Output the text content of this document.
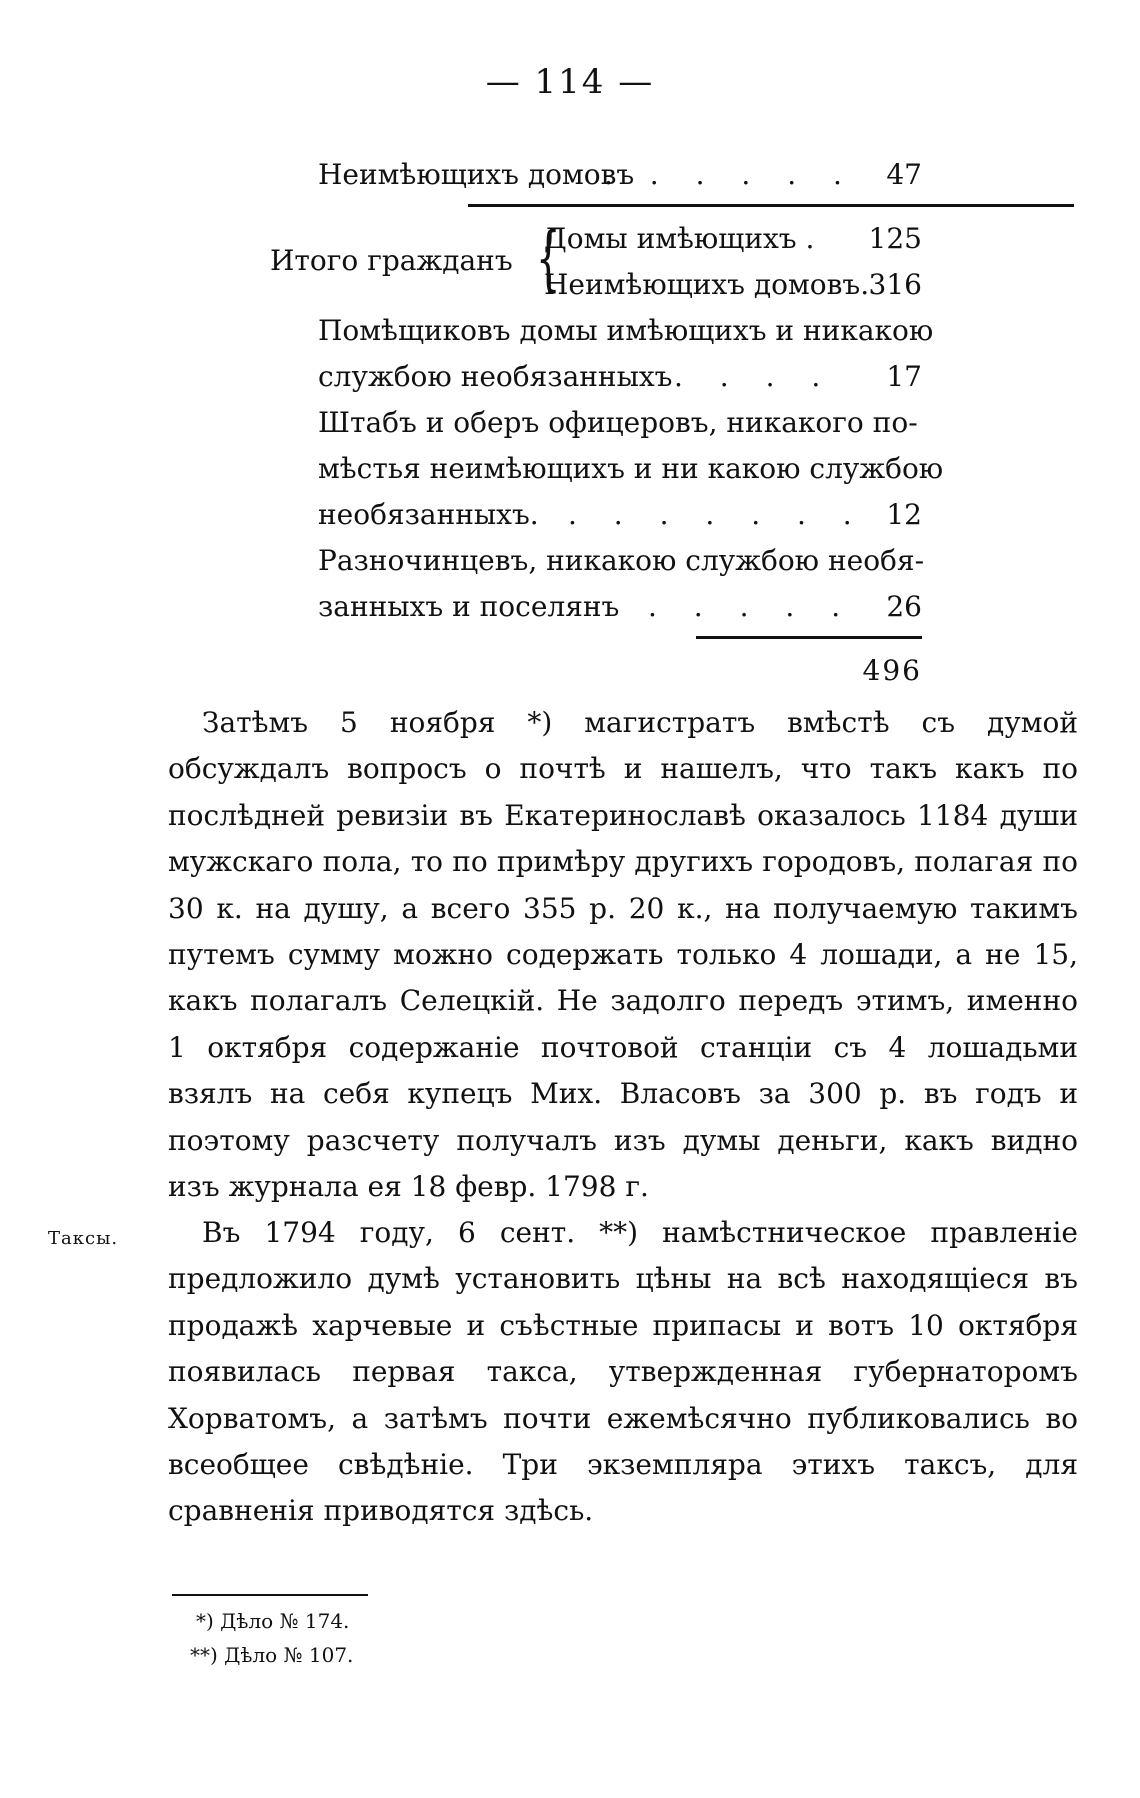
— 114 —
Неимѣющихъ домовъ
. . . . . . 47
Итого гражданъ {
Домы имѣющихъ . 125
Неимѣющихъ домовъ. 316
Помѣщиковъ домы имѣющихъ и никакою
службою необязанныхъ . . . . 17
Штабъ и оберъ офицеровъ, никакого по-
мѣстья неимѣющихъ и ни какою службою
необязанныхъ. . . . . . . . 12
Разночинцевъ, никакою службою необя-
занныхъ и поселянъ . . . . . 26
496
Затѣмъ 5 ноября *) магистратъ вмѣстѣ съ думой обсуждалъ вопросъ о почтѣ и нашелъ, что такъ какъ по послѣдней ревизіи въ Екатеринославѣ оказалось 1184 души мужскаго пола, то по примѣру другихъ городовъ, полагая по 30 к. на душу, а всего 355 р. 20 к., на получаемую такимъ путемъ сумму можно содержать только 4 лошади, а не 15, какъ полагалъ Селецкій. Не задолго передъ этимъ, именно 1 октября содержаніе почтовой станціи съ 4 лошадьми взялъ на себя купецъ Мих. Власовъ за 300 р. въ годъ и поэтому разсчету получалъ изъ думы деньги, какъ видно изъ журнала ея 18 февр. 1798 г.
Таксы.	Въ 1794 году, 6 сент. **) намѣстническое правленіе предложило думѣ установить цѣны на всѣ находящіеся въ продажѣ харчевые и съѣстные припасы и вотъ 10 октября появилась первая такса, утвержденная губернаторомъ Хорватомъ, а затѣмъ почти ежемѣсячно публиковались во всеобщее свѣдѣніе. Три экземпляра этихъ таксъ, для сравненія приводятся здѣсь.
*) Дѣло № 174.
**) Дѣло № 107.
